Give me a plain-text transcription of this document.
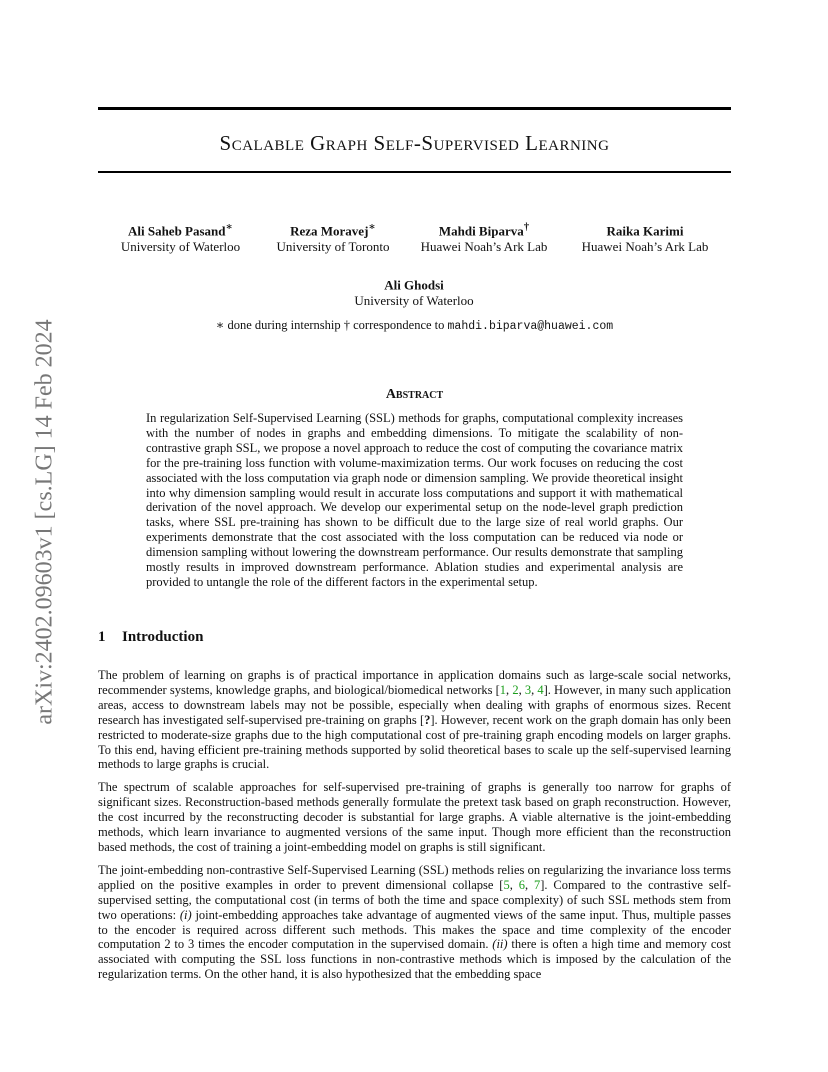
arXiv:2402.09603v1 [cs.LG] 14 Feb 2024
Scalable Graph Self-Supervised Learning
Ali Saheb Pasand∗
University of Waterloo
Reza Moravej∗
University of Toronto
Mahdi Biparva†
Huawei Noah’s Ark Lab
Raika Karimi
Huawei Noah’s Ark Lab
Ali Ghodsi
University of Waterloo
∗ done during internship † correspondence to mahdi.biparva@huawei.com
Abstract

In regularization Self-Supervised Learning (SSL) methods for graphs, computational complexity increases with the number of nodes in graphs and embedding dimensions. To mitigate the scalability of non-contrastive graph SSL, we propose a novel approach to reduce the cost of computing the covariance matrix for the pre-training loss function with volume-maximization terms. Our work focuses on reducing the cost associated with the loss computation via graph node or dimension sampling. We provide theoretical insight into why dimension sampling would result in accurate loss computations and support it with mathematical derivation of the novel approach. We develop our experimental setup on the node-level graph prediction tasks, where SSL pre-training has shown to be difficult due to the large size of real world graphs. Our experiments demonstrate that the cost associated with the loss computation can be reduced via node or dimension sampling without lowering the downstream performance. Our results demonstrate that sampling mostly results in improved downstream performance. Ablation studies and experimental analysis are provided to untangle the role of the different factors in the experimental setup.

1 Introduction

The problem of learning on graphs is of practical importance in application domains such as large-scale social networks, recommender systems, knowledge graphs, and biological/biomedical networks [1, 2, 3, 4]. However, in many such application areas, access to downstream labels may not be possible, especially when dealing with graphs of enormous sizes. Recent research has investigated self-supervised pre-training on graphs [?]. However, recent work on the graph domain has only been restricted to moderate-size graphs due to the high computational cost of pre-training graph encoding models on larger graphs. To this end, having efficient pre-training methods supported by solid theoretical bases to scale up the self-supervised learning methods to large graphs is crucial.

The spectrum of scalable approaches for self-supervised pre-training of graphs is generally too narrow for graphs of significant sizes. Reconstruction-based methods generally formulate the pretext task based on graph reconstruction. However, the cost incurred by the reconstructing decoder is substantial for large graphs. A viable alternative is the joint-embedding methods, which learn invariance to augmented versions of the same input. Though more efficient than the reconstruction based methods, the cost of training a joint-embedding model on graphs is still significant.

The joint-embedding non-contrastive Self-Supervised Learning (SSL) methods relies on regularizing the invariance loss terms applied on the positive examples in order to prevent dimensional collapse [5, 6, 7]. Compared to the contrastive self-supervised setting, the computational cost (in terms of both the time and space complexity) of such SSL methods stem from two operations: (i) joint-embedding approaches take advantage of augmented views of the same input. Thus, multiple passes to the encoder is required across different such methods. This makes the space and time complexity of the encoder computation 2 to 3 times the encoder computation in the supervised domain. (ii) there is often a high time and memory cost associated with computing the SSL loss functions in non-contrastive methods which is imposed by the calculation of the regularization terms. On the other hand, it is also hypothesized that the embedding space
